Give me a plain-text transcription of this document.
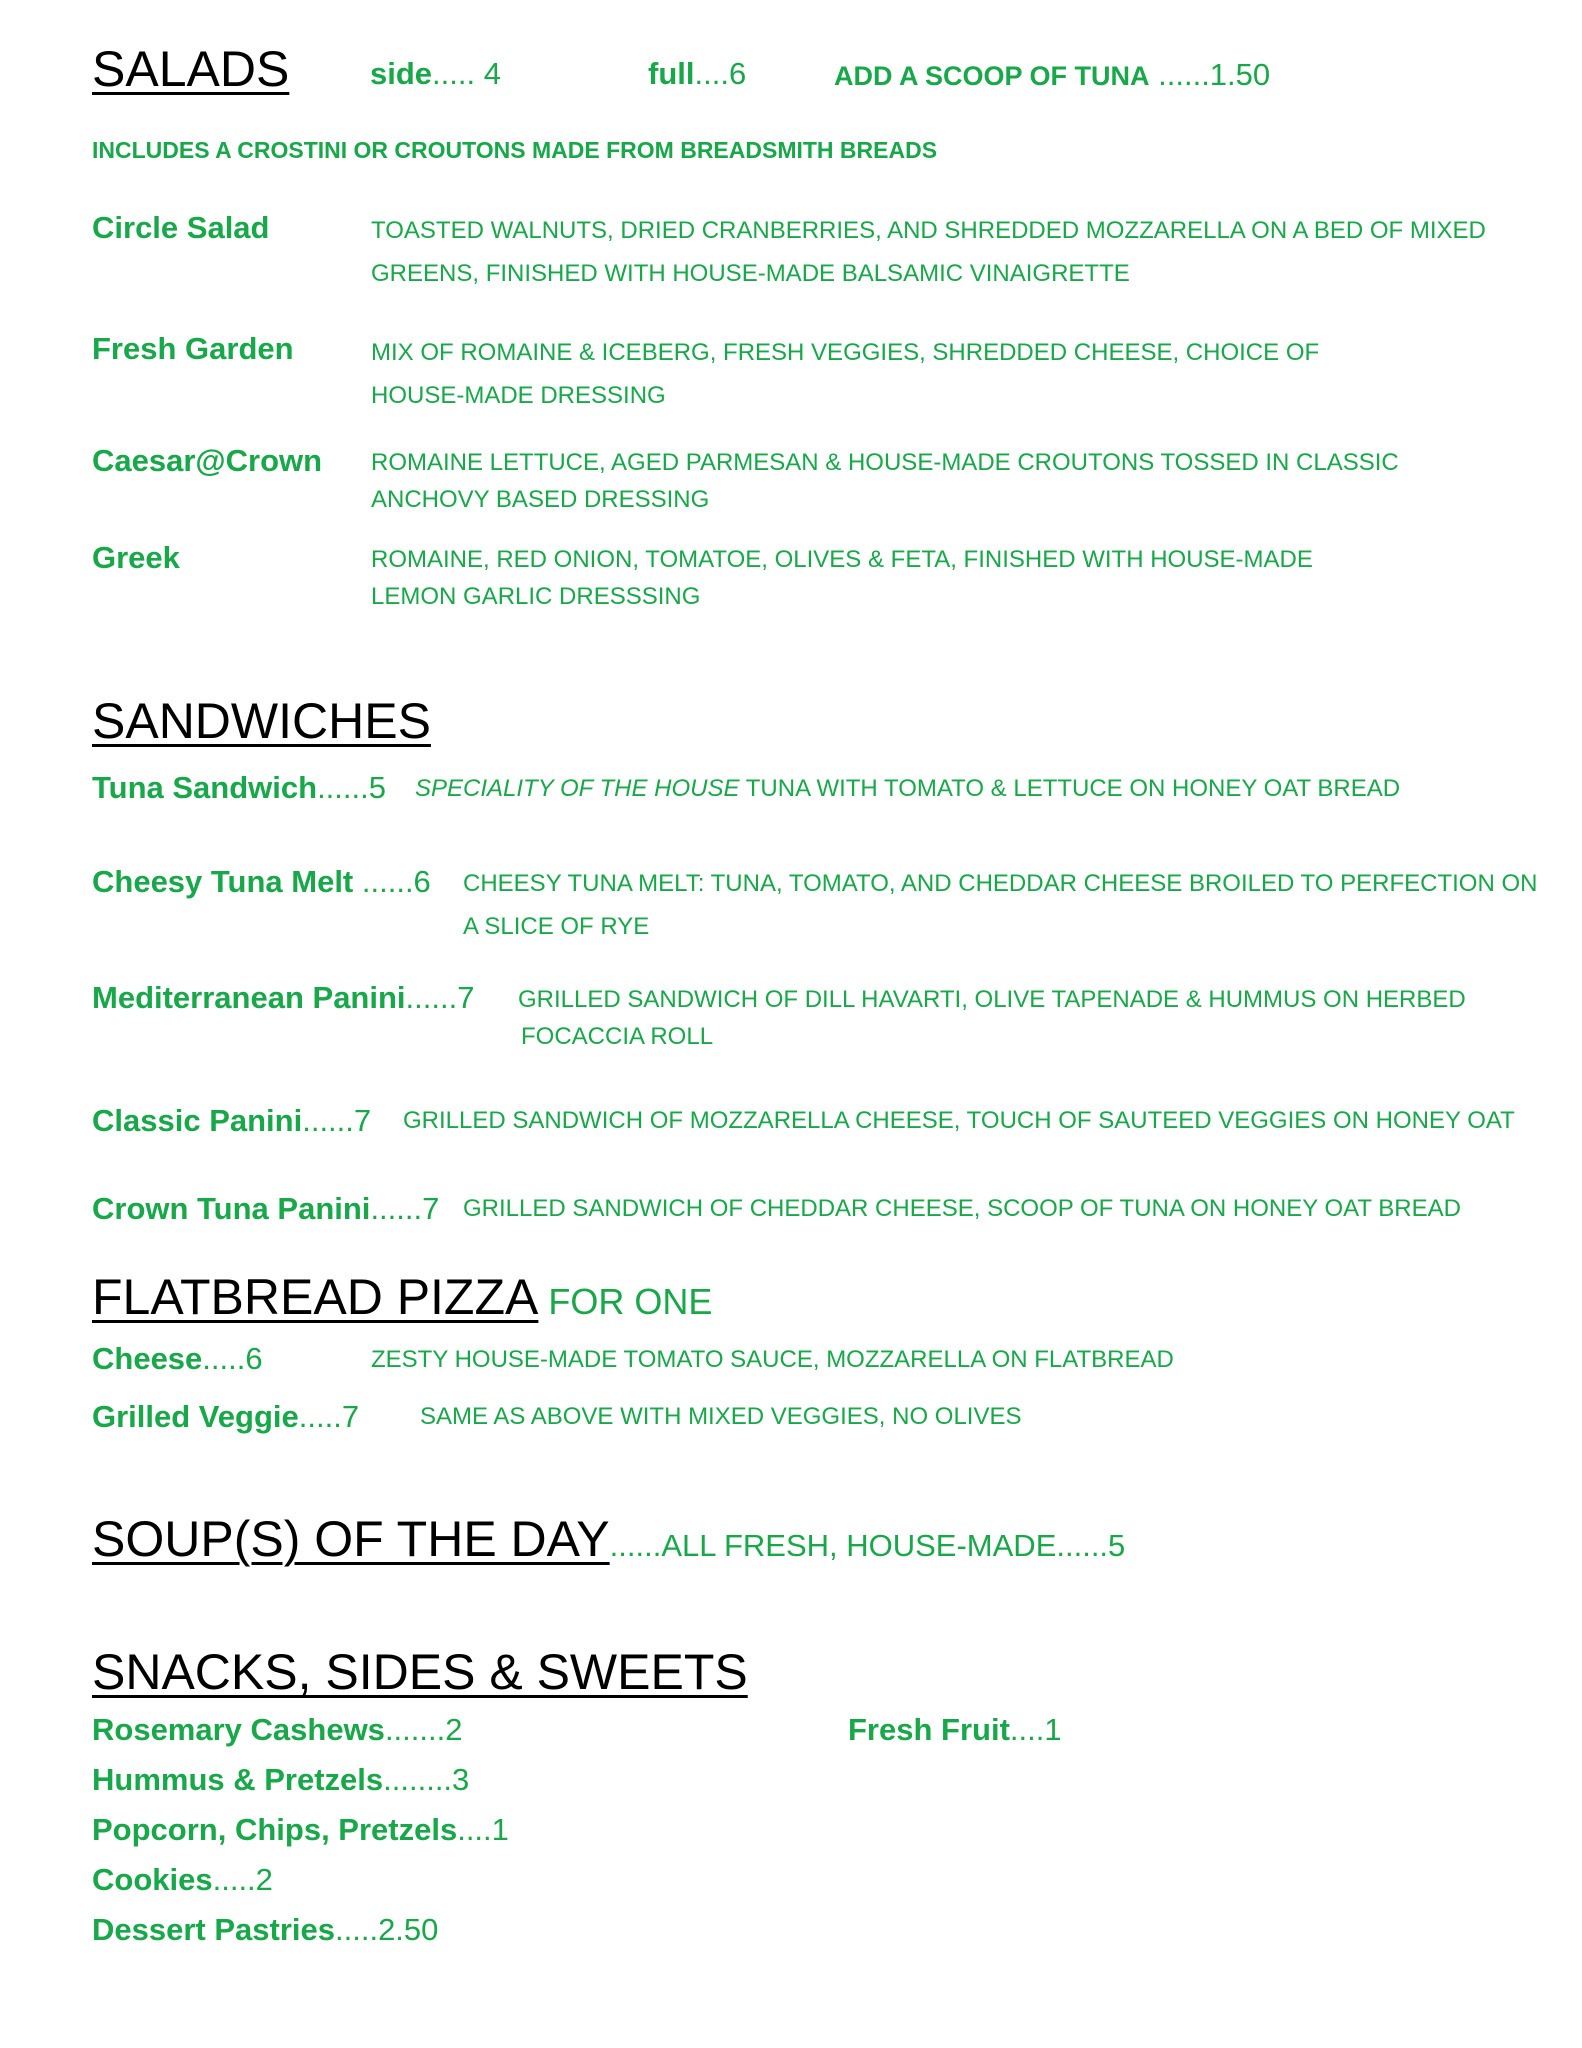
SALADS	side..... 4	full....6	ADD A SCOOP OF TUNA ......1.50
INCLUDES A CROSTINI OR CROUTONS MADE FROM BREADSMITH BREADS
Circle Salad	TOASTED WALNUTS, DRIED CRANBERRIES, AND SHREDDED MOZZARELLA ON A BED OF MIXED
GREENS, FINISHED WITH HOUSE-MADE BALSAMIC VINAIGRETTE
Fresh Garden	MIX OF ROMAINE & ICEBERG, FRESH VEGGIES, SHREDDED CHEESE, CHOICE OF
HOUSE-MADE DRESSING
Caesar@Crown ROMAINE LETTUCE, AGED PARMESAN & HOUSE-MADE CROUTONS TOSSED IN CLASSIC
ANCHOVY BASED DRESSING
Greek	ROMAINE, RED ONION, TOMATOE, OLIVES & FETA, FINISHED WITH HOUSE-MADE
LEMON GARLIC DRESSSING
SANDWICHES
Tuna Sandwich......5 SPECIALITY OF THE HOUSE TUNA WITH TOMATO & LETTUCE ON HONEY OAT BREAD
Cheesy Tuna Melt ......6 CHEESY TUNA MELT: TUNA, TOMATO, AND CHEDDAR CHEESE BROILED TO PERFECTION ON
A SLICE OF RYE
Mediterranean Panini......7 GRILLED SANDWICH OF DILL HAVARTI, OLIVE TAPENADE & HUMMUS ON HERBED
FOCACCIA ROLL
Classic Panini......7 GRILLED SANDWICH OF MOZZARELLA CHEESE, TOUCH OF SAUTEED VEGGIES ON HONEY OAT
Crown Tuna Panini......7 GRILLED SANDWICH OF CHEDDAR CHEESE, SCOOP OF TUNA ON HONEY OAT BREAD
FLATBREAD PIZZA FOR ONE
Cheese.....6	ZESTY HOUSE-MADE TOMATO SAUCE, MOZZARELLA ON FLATBREAD
Grilled Veggie.....7	SAME AS ABOVE WITH MIXED VEGGIES, NO OLIVES
SOUP(S) OF THE DAY......ALL FRESH, HOUSE-MADE......5
SNACKS, SIDES & SWEETS
Rosemary Cashews.......2
Hummus & Pretzels........3
Popcorn, Chips, Pretzels....1
Cookies.....2
Dessert Pastries.....2.50
Fresh Fruit....1
